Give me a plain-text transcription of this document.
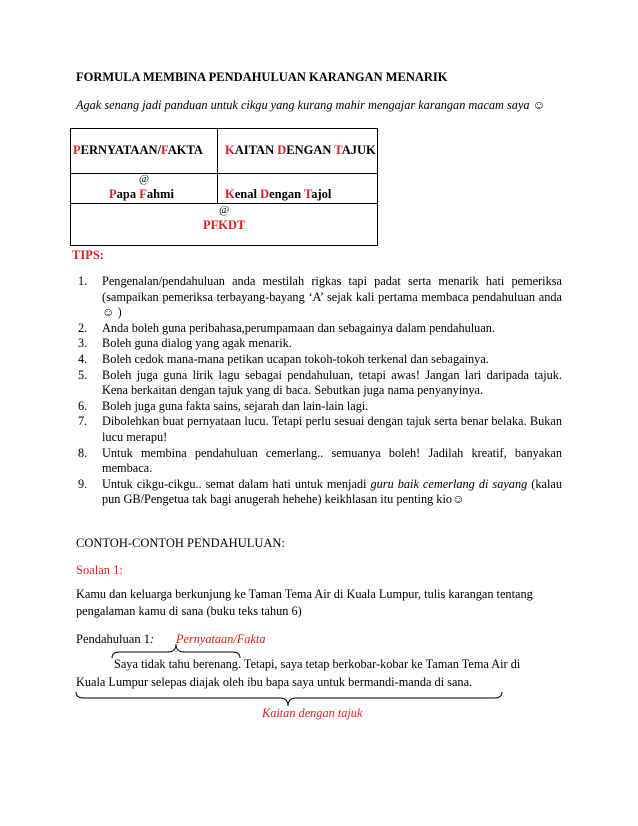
FORMULA MEMBINA PENDAHULUAN KARANGAN MENARIK
Agak senang jadi panduan untuk cikgu yang kurang mahir mengajar karangan macam saya ☺
PERNYATAAN/FAKTA KAITAN DENGAN TAJUK
@
Papa Fahmi	Kenal Dengan Tajol
@
PFKDT
TIPS:
1. Pengenalan/pendahuluan anda mestilah rigkas tapi padat serta menarik hati pemeriksa (sampaikan pemeriksa terbayang-bayang ‘A’ sejak kali pertama membaca pendahuluan anda ☺ )
2. Anda boleh guna peribahasa,perumpamaan dan sebagainya dalam pendahuluan.
3. Boleh guna dialog yang agak menarik.
4. Boleh cedok mana-mana petikan ucapan tokoh-tokoh terkenal dan sebagainya.
5. Boleh juga guna lirik lagu sebagai pendahuluan, tetapi awas! Jangan lari daripada tajuk. Kena berkaitan dengan tajuk yang di baca. Sebutkan juga nama penyanyinya.
6. Boleh juga guna fakta sains, sejarah dan lain-lain lagi.
7. Dibolehkan buat pernyataan lucu. Tetapi perlu sesuai dengan tajuk serta benar belaka. Bukan lucu merapu!
8. Untuk membina pendahuluan cemerlang.. semuanya boleh! Jadilah kreatif, banyakan membaca.
9. Untuk cikgu-cikgu.. semat dalam hati untuk menjadi guru baik cemerlang di sayang (kalau pun GB/Pengetua tak bagi anugerah hehehe) keikhlasan itu penting kio☺
CONTOH-CONTOH PENDAHULUAN:
Soalan 1:
Kamu dan keluarga berkunjung ke Taman Tema Air di Kuala Lumpur, tulis karangan tentang pengalaman kamu di sana (buku teks tahun 6)
Pendahuluan 1: Pernyataan/Fakta
Saya tidak tahu berenang . Tetapi, saya tetap berkobar-kobar ke Taman Tema Air di
Kuala Lumpur selepas diajak oleh ibu bapa saya untuk bermandi-manda di sana.
Kaitan dengan tajuk
